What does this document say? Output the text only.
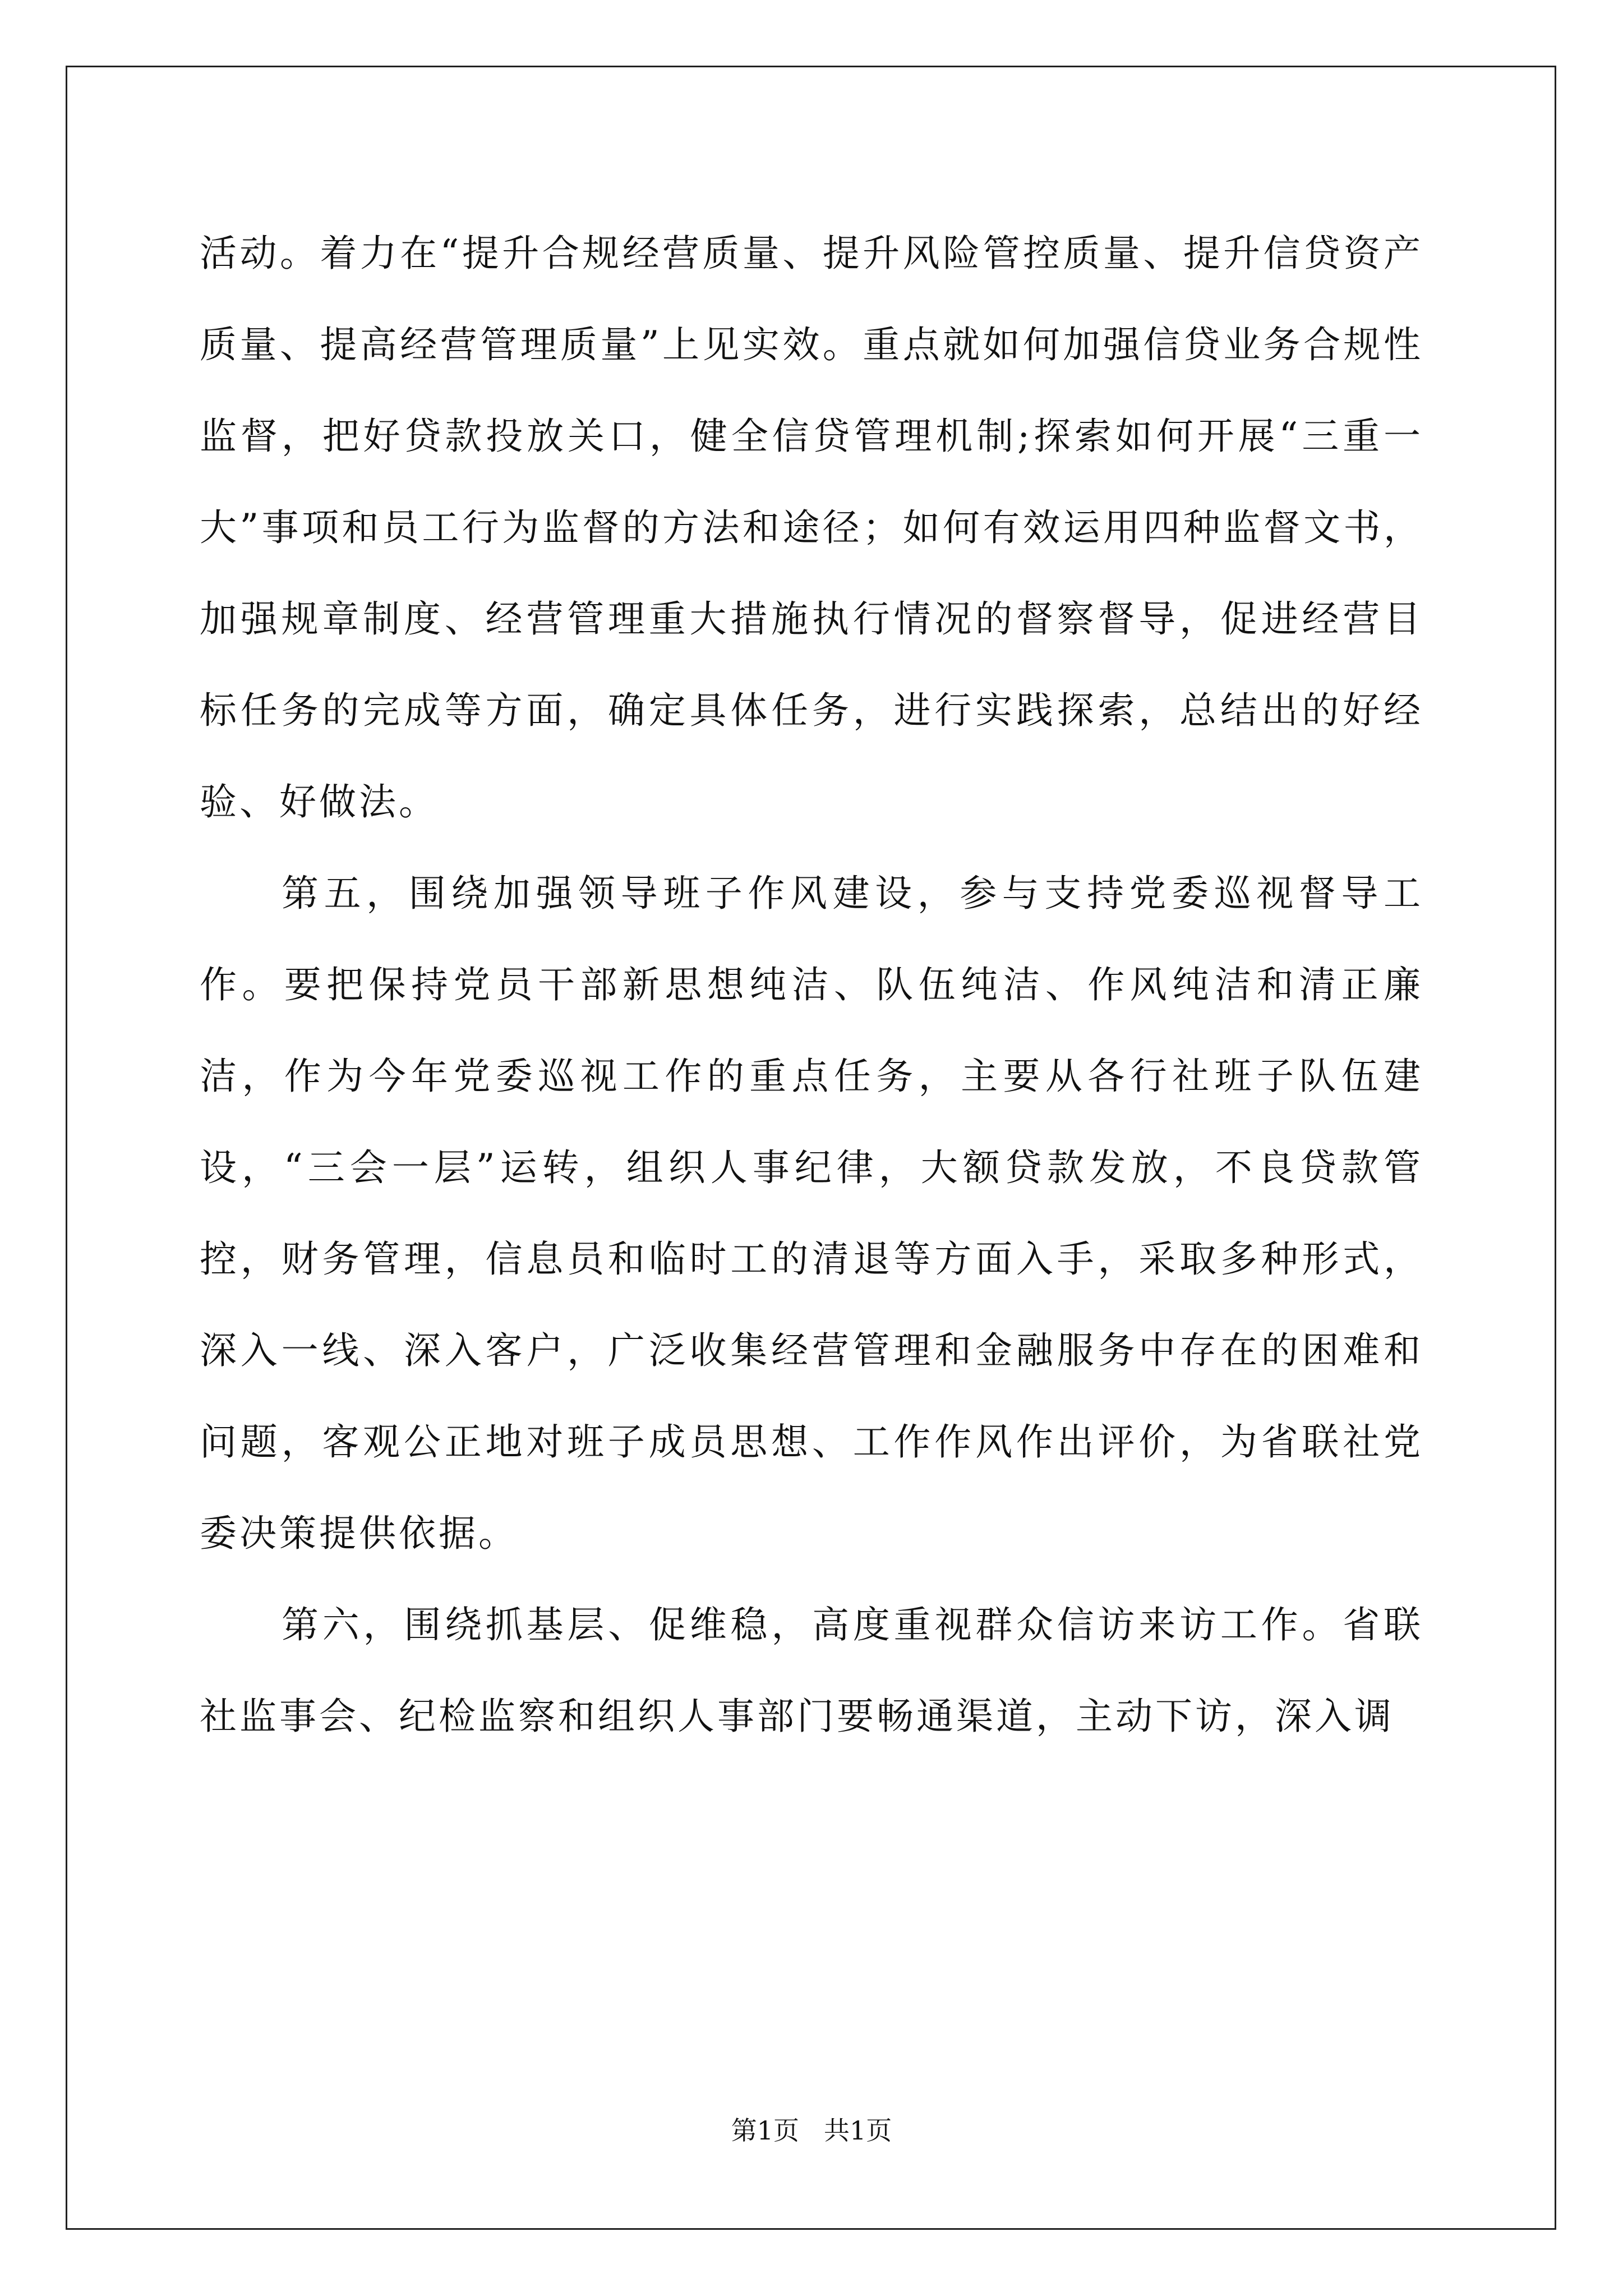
活动。着力在“提升合规经营质量、提升风险管控质量、提升信贷资产质量、提高经营管理质量”上见实效。重点就如何加强信贷业务合规性监督，把好贷款投放关口，健全信贷管理机制;探索如何开展“三重一大”事项和员工行为监督的方法和途径；如何有效运用四种监督文书，加强规章制度、经营管理重大措施执行情况的督察督导，促进经营目标任务的完成等方面，确定具体任务，进行实践探索，总结出的好经验、好做法。

第五，围绕加强领导班子作风建设，参与支持党委巡视督导工作。要把保持党员干部新思想纯洁、队伍纯洁、作风纯洁和清正廉洁，作为今年党委巡视工作的重点任务，主要从各行社班子队伍建设，“三会一层”运转，组织人事纪律，大额贷款发放，不良贷款管控，财务管理，信息员和临时工的清退等方面入手，采取多种形式，深入一线、深入客户，广泛收集经营管理和金融服务中存在的困难和问题，客观公正地对班子成员思想、工作作风作出评价，为省联社党委决策提供依据。

第六，围绕抓基层、促维稳，高度重视群众信访来访工作。省联社监事会、纪检监察和组织人事部门要畅通渠道，主动下访，深入调

第1页 共1页
